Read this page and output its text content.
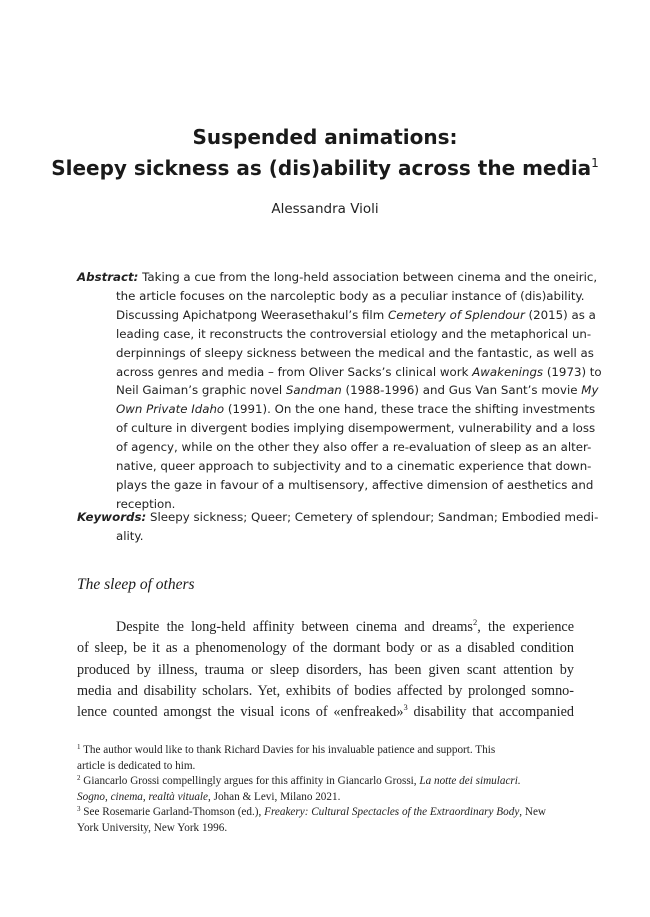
Suspended animations:
Sleepy sickness as (dis)ability across the media$^1$
Alessandra Violi
Abstract: Taking a cue from the long-held association between cinema and the oneiric,
the article focuses on the narcoleptic body as a peculiar instance of (dis)ability.
Discussing Apichatpong Weerasethakul’s film Cemetery of Splendour (2015) as a
leading case, it reconstructs the controversial etiology and the metaphorical un-
derpinnings of sleepy sickness between the medical and the fantastic, as well as
across genres and media – from Oliver Sacks’s clinical work Awakenings (1973) to
Neil Gaiman’s graphic novel Sandman (1988-1996) and Gus Van Sant’s movie My
Own Private Idaho (1991). On the one hand, these trace the shifting investments
of culture in divergent bodies implying disempowerment, vulnerability and a loss
of agency, while on the other they also offer a re-evaluation of sleep as an alter-
native, queer approach to subjectivity and to a cinematic experience that down-
plays the gaze in favour of a multisensory, affective dimension of aesthetics and
reception.
Keywords: Sleepy sickness; Queer; Cemetery of splendour; Sandman; Embodied medi-
ality.
The sleep of others
Despite the long-held affinity between cinema and dreams$^2$, the experience
of sleep, be it as a phenomenology of the dormant body or as a disabled condition
produced by illness, trauma or sleep disorders, has been given scant attention by
media and disability scholars. Yet, exhibits of bodies affected by prolonged somno-
lence counted amongst the visual icons of «enfreaked»$^3$ disability that accompanied
$^1$ The author would like to thank Richard Davies for his invaluable patience and support. This
article is dedicated to him.
$^2$ Giancarlo Grossi compellingly argues for this affinity in Giancarlo Grossi, La notte dei simulacri.
Sogno, cinema, realtà vituale, Johan & Levi, Milano 2021.
$^3$ See Rosemarie Garland-Thomson (ed.), Freakery: Cultural Spectacles of the Extraordinary Body, New
York University, New York 1996.
